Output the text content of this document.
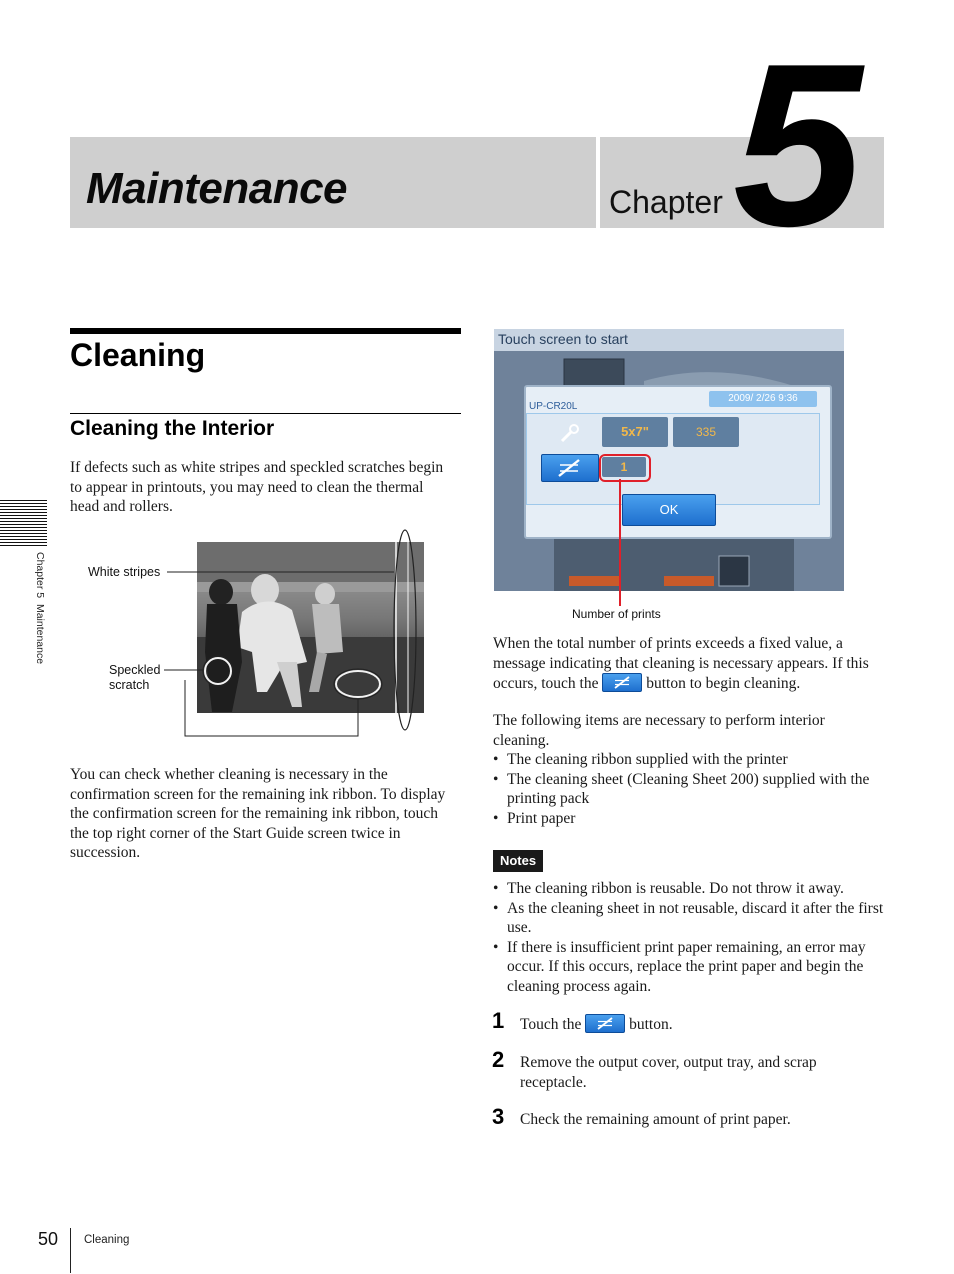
Maintenance	Chapter 5
Chapter 5  Maintenance
Cleaning
Cleaning the Interior
If defects such as white stripes and speckled scratches begin to appear in printouts, you may need to clean the thermal head and rollers.
White stripes
Speckled
scratch
You can check whether cleaning is necessary in the confirmation screen for the remaining ink ribbon. To display the confirmation screen for the remaining ink ribbon, touch the top right corner of the Start Guide screen twice in succession.
Touch screen to start
UP-CR20L
2009/ 2/26 9:36
5x7"	335
1
OK
Number of prints
When the total number of prints exceeds a fixed value, a message indicating that cleaning is necessary appears. If this occurs, touch the	button to begin cleaning.
The following items are necessary to perform interior cleaning.
• The cleaning ribbon supplied with the printer
• The cleaning sheet (Cleaning Sheet 200) supplied with the printing pack
• Print paper
Notes
• The cleaning ribbon is reusable. Do not throw it away.
• As the cleaning sheet in not reusable, discard it after the first use.
• If there is insufficient print paper remaining, an error may occur. If this occurs, replace the print paper and begin the cleaning process again.
1 Touch the	button.
2 Remove the output cover, output tray, and scrap receptacle.
3 Check the remaining amount of print paper.
50 Cleaning
